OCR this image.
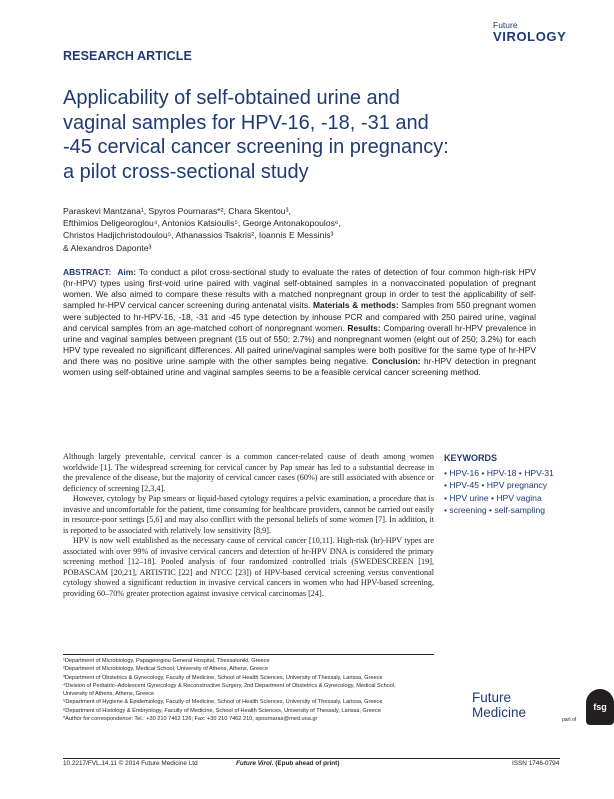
RESEARCH ARTICLE
Future
VIROLOGY
Applicability of self-obtained urine and vaginal samples for HPV-16, -18, -31 and -45 cervical cancer screening in pregnancy: a pilot cross-sectional study
Paraskevi Mantzana¹, Spyros Pournaras*², Chara Skentou³,
Efthimios Deligeoroglou⁴, Antonios Katsioulis⁵, George Antonakopoulos⁶,
Christos Hadjichristodoulou⁵, Athanassios Tsakris², Ioannis E Messinis³
& Alexandros Daponte³
ABSTRACT: Aim: To conduct a pilot cross-sectional study to evaluate the rates of detection of four common high-risk HPV (hr-HPV) types using first-void urine paired with vaginal self-obtained samples in a nonvaccinated population of pregnant women. We also aimed to compare these results with a matched nonpregnant group in order to test the applicability of self-sampled hr-HPV cervical cancer screening during antenatal visits. Materials & methods: Samples from 550 pregnant women were subjected to hr-HPV-16, -18, -31 and -45 type detection by inhouse PCR and compared with 250 paired urine, vaginal and cervical samples from an age-matched cohort of nonpregnant women. Results: Comparing overall hr-HPV prevalence in urine and vaginal samples between pregnant (15 out of 550; 2.7%) and nonpregnant women (eight out of 250; 3.2%) for each HPV type revealed no significant differences. All paired urine/vaginal samples were both positive for the same type of hr-HPV and there was no positive urine sample with the other samples being negative. Conclusion: hr-HPV detection in pregnant women using self-obtained urine and vaginal samples seems to be a feasible cervical cancer screening method.

Although largely preventable, cervical cancer is a common cancer-related cause of death among women worldwide [1]. The widespread screening for cervical cancer by Pap smear has led to a substantial decrease in the prevalence of the disease, but the majority of cervical cancer cases (60%) are still associated with absence or deficiency of screening [2,3,4].

However, cytology by Pap smears or liquid-based cytology requires a pelvic examination, a procedure that is invasive and uncomfortable for the patient, time consuming for healthcare providers, cannot be carried out easily in resource-poor settings [5,6] and may also conflict with the personal beliefs of some women [7]. In addition, it is reported to be associated with relatively low sensitivity [8,9].

HPV is now well established as the necessary cause of cervical cancer [10,11]. High-risk (hr)-HPV types are associated with over 99% of invasive cervical cancers and detection of hr-HPV DNA is considered the primary screening method [12–18]. Pooled analysis of four randomized controlled trials (SWEDESCREEN [19], POBASCAM [20,21], ARTISTIC [22] and NTCC [23]) of HPV-based cervical screening versus conventional cytology showed a significant reduction in invasive cervical cancers in women who had HPV-based screening, providing 60–70% greater protection against invasive cervical carcinomas [24].

KEYWORDS
• HPV-16 • HPV-18 • HPV-31
• HPV-45 • HPV pregnancy
• HPV urine • HPV vagina
• screening • self-sampling
¹Department of Microbiology, Papageorgiou General Hospital, Thessaloniki, Greece
²Department of Microbiology, Medical School, University of Athens, Athens, Greece
³Department of Obstetrics & Gynecology, Faculty of Medicine, School of Health Sciences, University of Thessaly, Larissa, Greece
⁴Division of Pediatric–Adolescent Gynecology & Reconstructive Surgery, 2nd Department of Obstetrics & Gynecology, Medical School,
University of Athens, Athens, Greece
⁵Department of Hygiene & Epidemiology, Faculty of Medicine, School of Health Sciences, University of Thessaly, Larissa, Greece
⁶Department of Histology & Embryology, Faculty of Medicine, School of Health Sciences, University of Thessaly, Larissa, Greece
*Author for correspondence: Tel.: +30 210 7462 126; Fax: +30 210 7462 210; spournaras@med.uoa.gr
Future
Medicine
part of
fsg
10.2217/FVL.14.11 © 2014 Future Medicine Ltd	Future Virol. (Epub ahead of print)	ISSN 1746-0794
